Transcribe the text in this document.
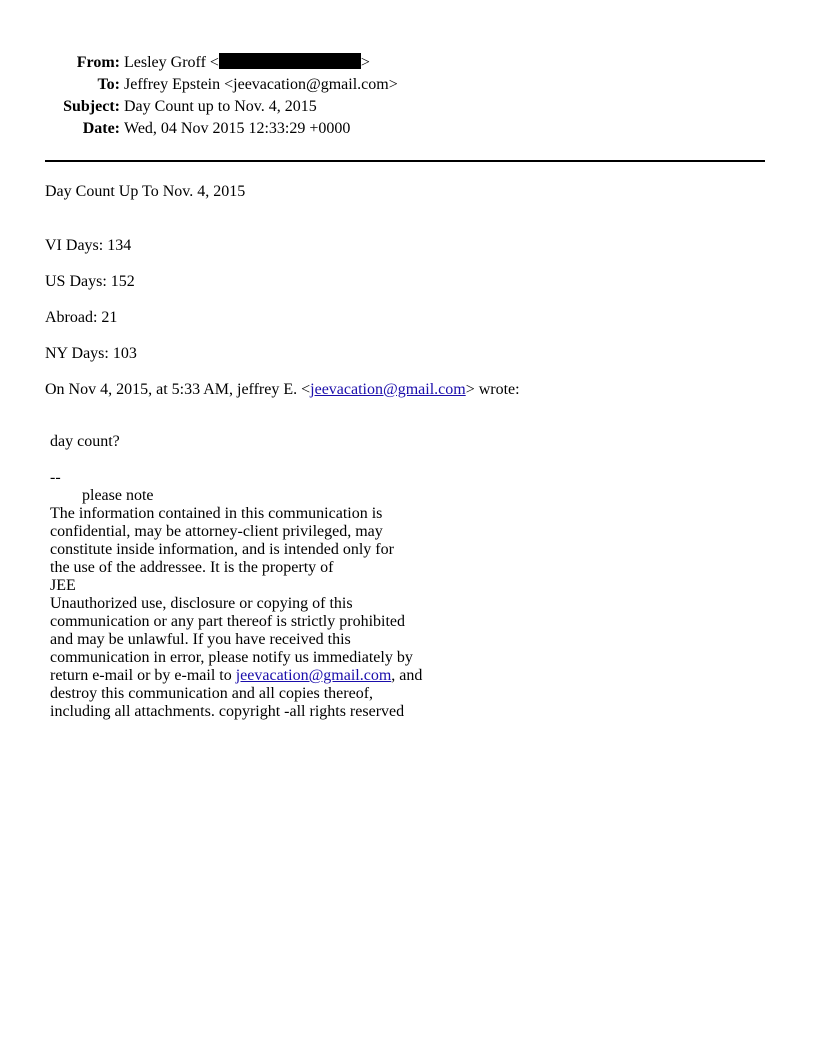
From: Lesley Groff <	>
To: Jeffrey Epstein <jeevacation@gmail.com>
Subject: Day Count up to Nov. 4, 2015
Date: Wed, 04 Nov 2015 12:33:29 +0000
Day Count Up To Nov. 4, 2015
VI Days: 134
US Days: 152
Abroad: 21
NY Days: 103
On Nov 4, 2015, at 5:33 AM, jeffrey E. <jeevacation@gmail.com> wrote:
day count?
--
please note
The information contained in this communication is
confidential, may be attorney-client privileged, may
constitute inside information, and is intended only for
the use of the addressee. It is the property of
JEE
Unauthorized use, disclosure or copying of this
communication or any part thereof is strictly prohibited
and may be unlawful. If you have received this
communication in error, please notify us immediately by
return e-mail or by e-mail to jeevacation@gmail.com, and
destroy this communication and all copies thereof,
including all attachments. copyright -all rights reserved
